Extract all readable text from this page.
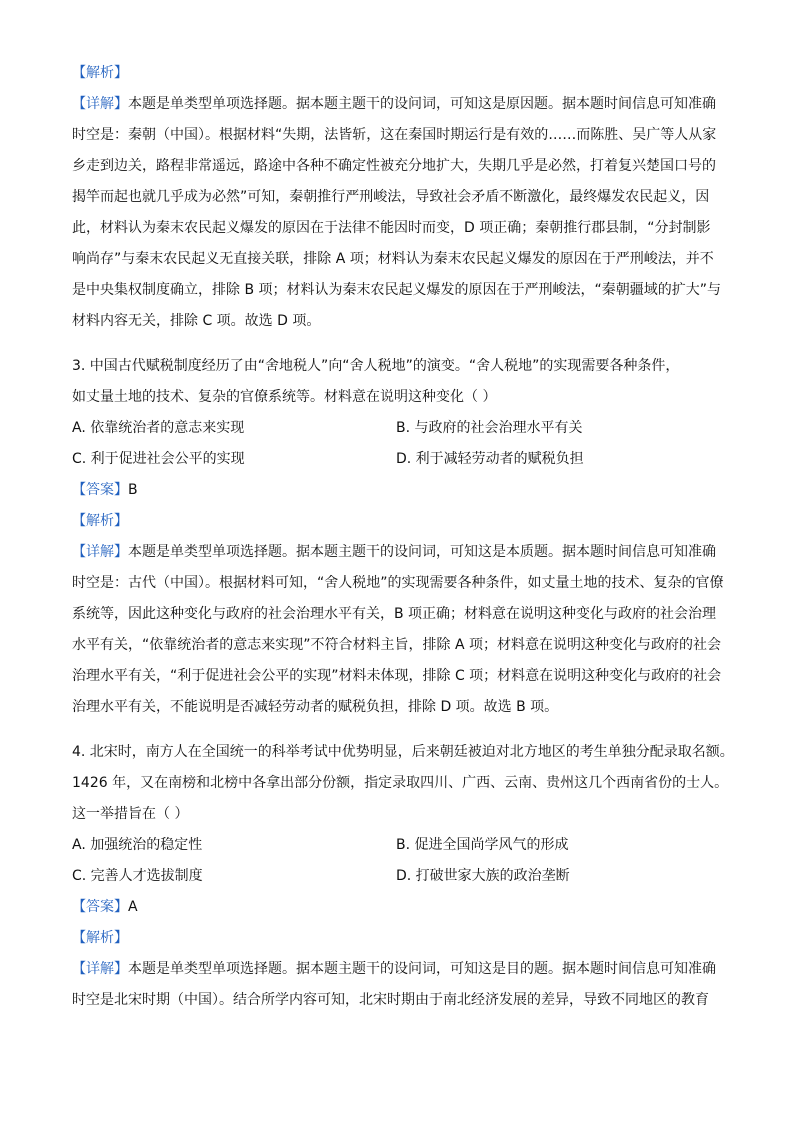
【解析】
【详解】本题是单类型单项选择题。据本题主题干的设问词，可知这是原因题。据本题时间信息可知准确
时空是：秦朝（中国）。根据材料“失期，法皆斩，这在秦国时期运行是有效的……而陈胜、吴广等人从家
乡走到边关，路程非常遥远，路途中各种不确定性被充分地扩大，失期几乎是必然，打着复兴楚国口号的
揭竿而起也就几乎成为必然”可知，秦朝推行严刑峻法，导致社会矛盾不断激化，最终爆发农民起义，因
此，材料认为秦末农民起义爆发的原因在于法律不能因时而变，D 项正确；秦朝推行郡县制，“分封制影
响尚存”与秦末农民起义无直接关联，排除 A 项；材料认为秦末农民起义爆发的原因在于严刑峻法，并不
是中央集权制度确立，排除 B 项；材料认为秦末农民起义爆发的原因在于严刑峻法，“秦朝疆域的扩大”与
材料内容无关，排除 C 项。故选 D 项。
3. 中国古代赋税制度经历了由“舍地税人”向“舍人税地”的演变。“舍人税地”的实现需要各种条件，
如丈量土地的技术、复杂的官僚系统等。材料意在说明这种变化（ ）
A. 依靠统治者的意志来实现	B. 与政府的社会治理水平有关
C. 利于促进社会公平的实现	D. 利于减轻劳动者的赋税负担
【答案】B
【解析】
【详解】本题是单类型单项选择题。据本题主题干的设问词，可知这是本质题。据本题时间信息可知准确
时空是：古代（中国）。根据材料可知，“舍人税地”的实现需要各种条件，如丈量土地的技术、复杂的官僚
系统等，因此这种变化与政府的社会治理水平有关，B 项正确；材料意在说明这种变化与政府的社会治理
水平有关，“依靠统治者的意志来实现”不符合材料主旨，排除 A 项；材料意在说明这种变化与政府的社会
治理水平有关，“利于促进社会公平的实现”材料未体现，排除 C 项；材料意在说明这种变化与政府的社会
治理水平有关，不能说明是否减轻劳动者的赋税负担，排除 D 项。故选 B 项。
4. 北宋时，南方人在全国统一的科举考试中优势明显，后来朝廷被迫对北方地区的考生单独分配录取名额。
1426 年，又在南榜和北榜中各拿出部分份额，指定录取四川、广西、云南、贵州这几个西南省份的士人。
这一举措旨在（ ）
A. 加强统治的稳定性	B. 促进全国尚学风气的形成
C. 完善人才选拔制度	D. 打破世家大族的政治垄断
【答案】A
【解析】
【详解】本题是单类型单项选择题。据本题主题干的设问词，可知这是目的题。据本题时间信息可知准确
时空是北宋时期（中国）。结合所学内容可知，北宋时期由于南北经济发展的差异，导致不同地区的教育
